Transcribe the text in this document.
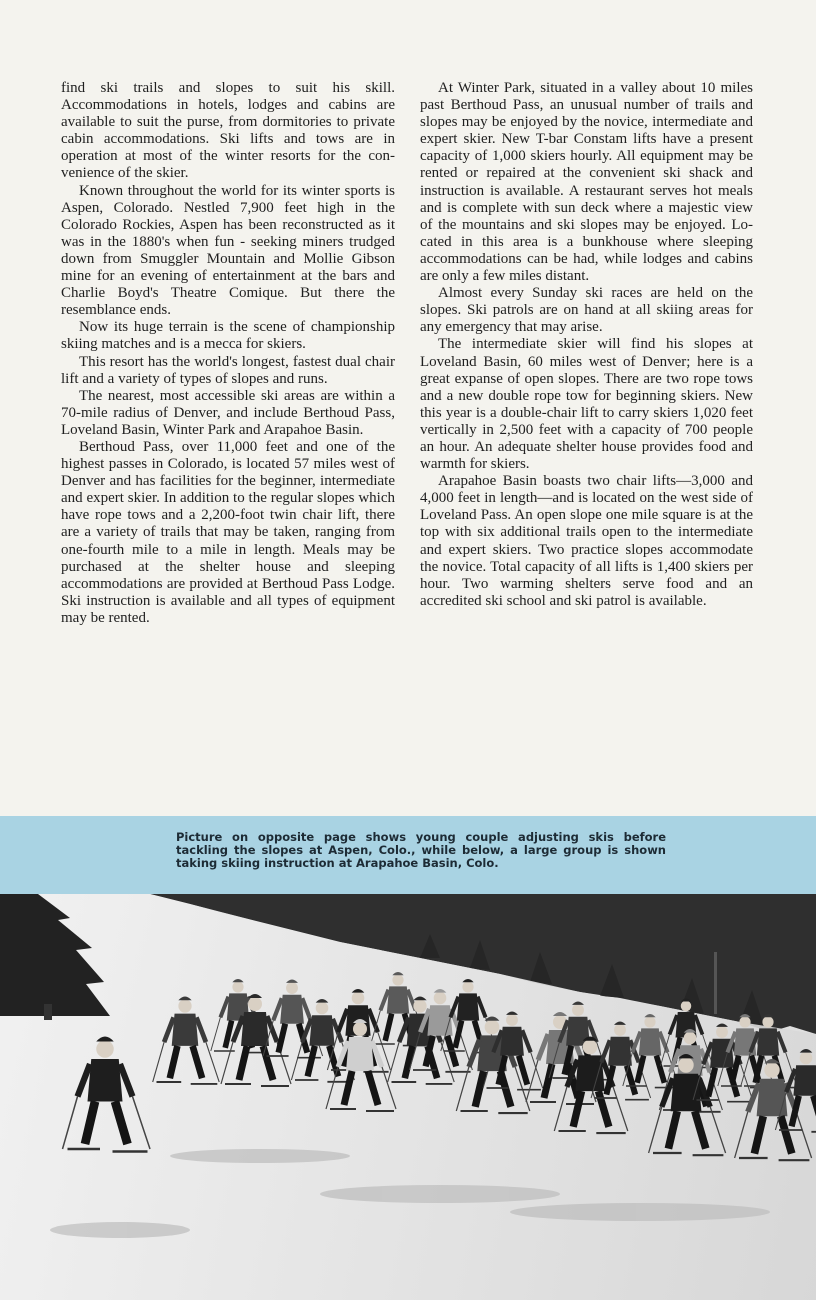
find ski trails and slopes to suit his skill. Accommodations in hotels, lodges and cabins are available to suit the purse, from dormitories to private cabin accommodations. Ski lifts and tows are in operation at most of the winter resorts for the convenience of the skier.

Known throughout the world for its winter sports is Aspen, Colorado. Nestled 7,900 feet high in the Colorado Rockies, Aspen has been reconstructed as it was in the 1880's when fun - seeking miners trudged down from Smuggler Mountain and Mollie Gibson mine for an evening of entertainment at the bars and Charlie Boyd's Theatre Comique. But there the resemblance ends.

Now its huge terrain is the scene of championship skiing matches and is a mecca for skiers.

This resort has the world's longest, fastest dual chair lift and a variety of types of slopes and runs.

The nearest, most accessible ski areas are within a 70-mile radius of Denver, and include Berthoud Pass, Loveland Basin, Winter Park and Arapahoe Basin.

Berthoud Pass, over 11,000 feet and one of the highest passes in Colorado, is located 57 miles west of Denver and has facilities for the beginner, intermediate and expert skier. In addition to the regular slopes which have rope tows and a 2,200-foot twin chair lift, there are a variety of trails that may be taken, ranging from one-fourth mile to a mile in length. Meals may be purchased at the shelter house and sleeping accommodations are provided at Berthoud Pass Lodge. Ski instruction is available and all types of equipment may be rented.

At Winter Park, situated in a valley about 10 miles past Berthoud Pass, an unusual number of trails and slopes may be enjoyed by the novice, intermediate and expert skier. New T-bar Constam lifts have a present capacity of 1,000 skiers hourly. All equipment may be rented or repaired at the convenient ski shack and instruction is available. A restaurant serves hot meals and is complete with sun deck where a majestic view of the mountains and ski slopes may be enjoyed. Located in this area is a bunkhouse where sleeping accommodations can be had, while lodges and cabins are only a few miles distant.

Almost every Sunday ski races are held on the slopes. Ski patrols are on hand at all skiing areas for any emergency that may arise.

The intermediate skier will find his slopes at Loveland Basin, 60 miles west of Denver; here is a great expanse of open slopes. There are two rope tows and a new double rope tow for beginning skiers. New this year is a double-chair lift to carry skiers 1,020 feet vertically in 2,500 feet with a capacity of 700 people an hour. An adequate shelter house provides food and warmth for skiers.

Arapahoe Basin boasts two chair lifts—3,000 and 4,000 feet in length—and is located on the west side of Loveland Pass. An open slope one mile square is at the top with six additional trails open to the intermediate and expert skiers. Two practice slopes accommodate the novice. Total capacity of all lifts is 1,400 skiers per hour. Two warming shelters serve food and an accredited ski school and ski patrol is available.

Picture on opposite page shows young couple adjusting skis before tackling the slopes at Aspen, Colo., while below, a large group is shown taking skiing instruction at Arapahoe Basin, Colo.
